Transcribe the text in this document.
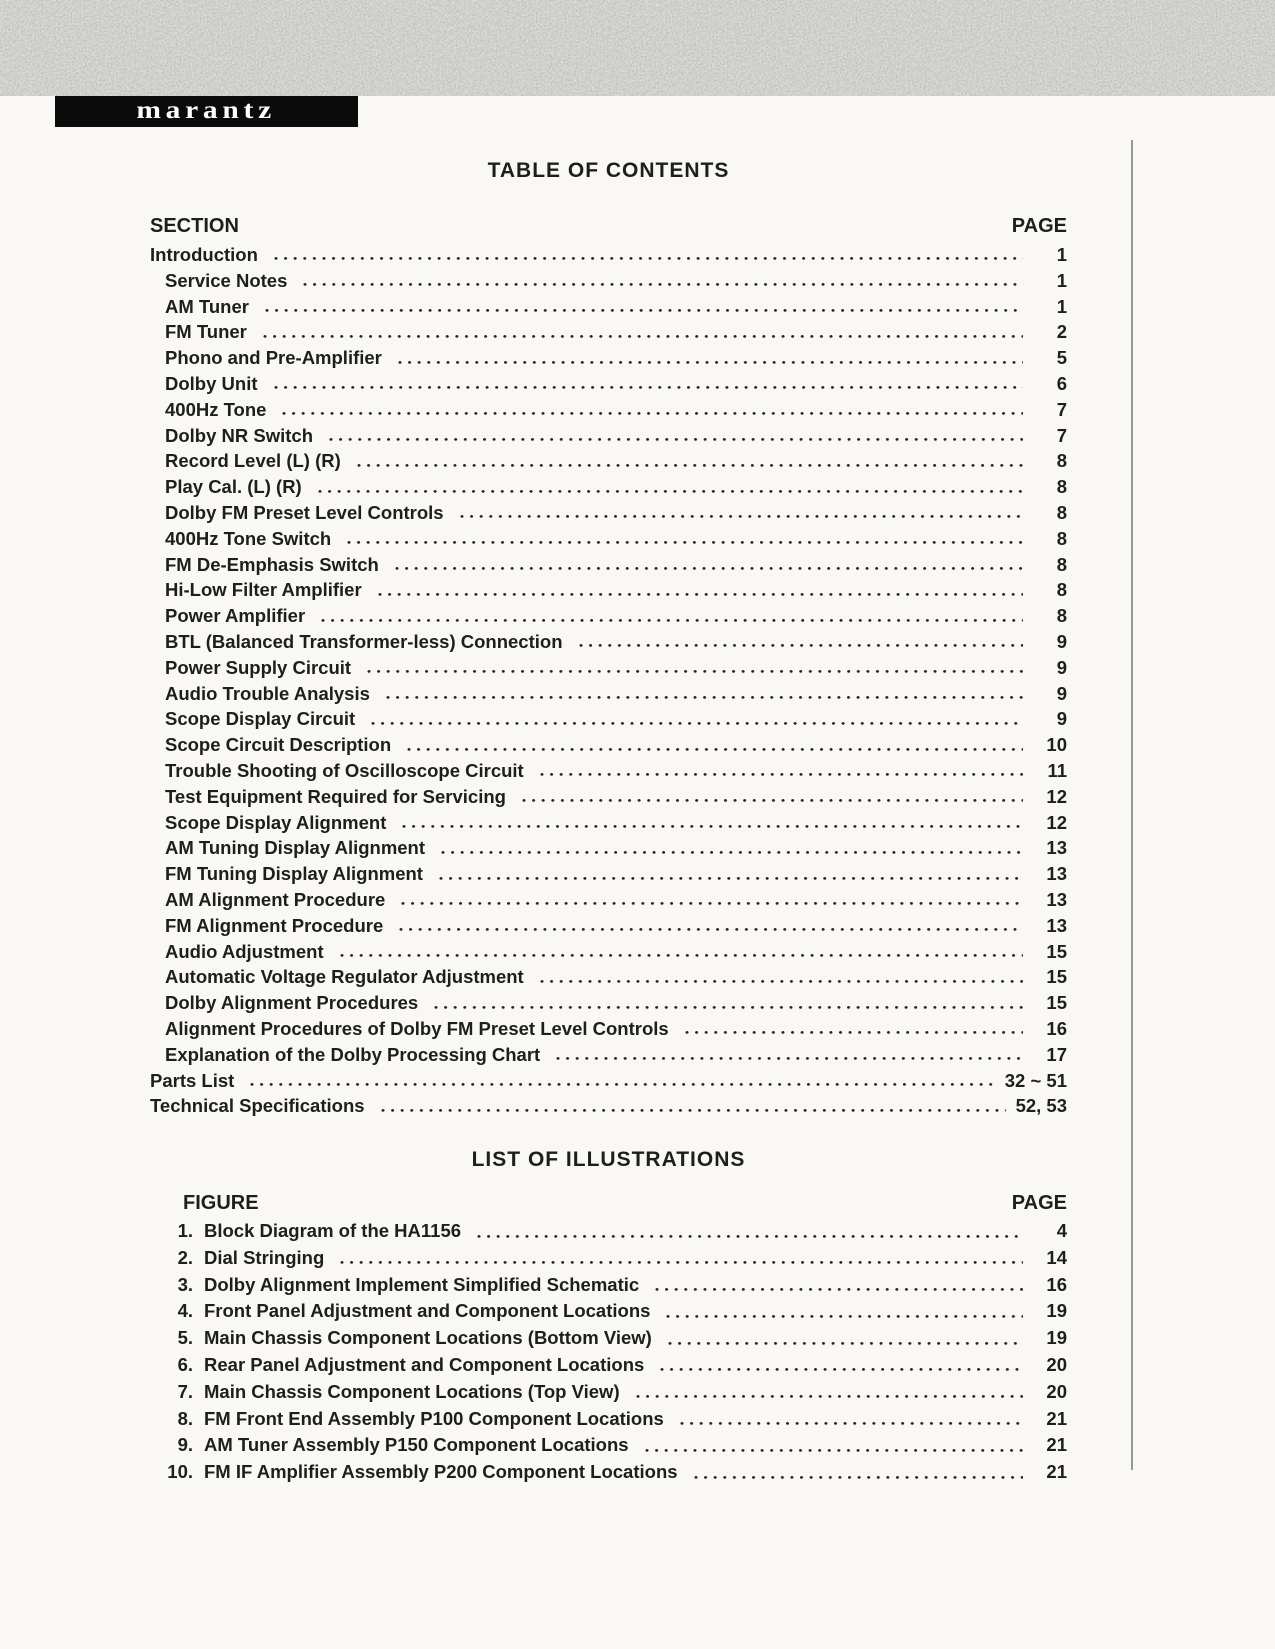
marantz
TABLE OF CONTENTS
SECTION	PAGE
Introduction	1
Service Notes	1
AM Tuner	1
FM Tuner	2
Phono and Pre-Amplifier	5
Dolby Unit	6
400Hz Tone	7
Dolby NR Switch	7
Record Level (L) (R)	8
Play Cal. (L) (R)	8
Dolby FM Preset Level Controls	8
400Hz Tone Switch	8
FM De-Emphasis Switch	8
Hi-Low Filter Amplifier	8
Power Amplifier	8
BTL (Balanced Transformer-less) Connection	9
Power Supply Circuit	9
Audio Trouble Analysis	9
Scope Display Circuit	9
Scope Circuit Description	10
Trouble Shooting of Oscilloscope Circuit	11
Test Equipment Required for Servicing	12
Scope Display Alignment	12
AM Tuning Display Alignment	13
FM Tuning Display Alignment	13
AM Alignment Procedure	13
FM Alignment Procedure	13
Audio Adjustment	15
Automatic Voltage Regulator Adjustment	15
Dolby Alignment Procedures	15
Alignment Procedures of Dolby FM Preset Level Controls	16
Explanation of the Dolby Processing Chart	17
Parts List	32 ~ 51
Technical Specifications	52, 53
LIST OF ILLUSTRATIONS
FIGURE	PAGE
1. Block Diagram of the HA1156	4
2. Dial Stringing	14
3. Dolby Alignment Implement Simplified Schematic	16
4. Front Panel Adjustment and Component Locations	19
5. Main Chassis Component Locations (Bottom View)	19
6. Rear Panel Adjustment and Component Locations	20
7. Main Chassis Component Locations (Top View)	20
8. FM Front End Assembly P100 Component Locations	21
9. AM Tuner Assembly P150 Component Locations	21
10. FM IF Amplifier Assembly P200 Component Locations	21
